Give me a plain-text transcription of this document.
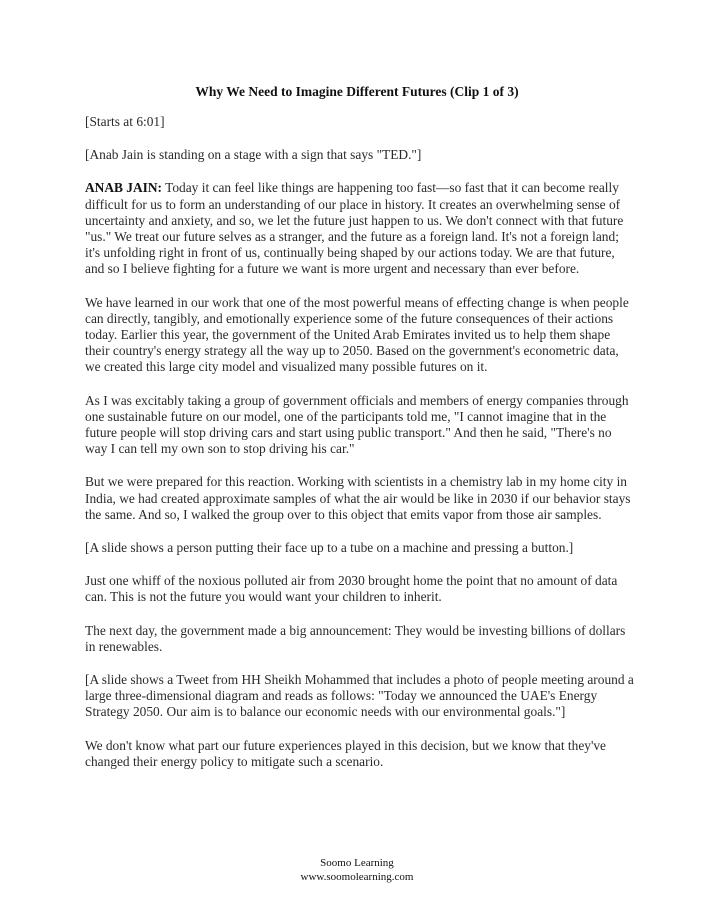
Why We Need to Imagine Different Futures (Clip 1 of 3)

[Starts at 6:01]

[Anab Jain is standing on a stage with a sign that says "TED."]

ANAB JAIN: Today it can feel like things are happening too fast—so fast that it can become really difficult for us to form an understanding of our place in history. It creates an overwhelming sense of uncertainty and anxiety, and so, we let the future just happen to us. We don't connect with that future "us." We treat our future selves as a stranger, and the future as a foreign land. It's not a foreign land; it's unfolding right in front of us, continually being shaped by our actions today. We are that future, and so I believe fighting for a future we want is more urgent and necessary than ever before.

We have learned in our work that one of the most powerful means of effecting change is when people can directly, tangibly, and emotionally experience some of the future consequences of their actions today. Earlier this year, the government of the United Arab Emirates invited us to help them shape their country's energy strategy all the way up to 2050. Based on the government's econometric data, we created this large city model and visualized many possible futures on it.

As I was excitably taking a group of government officials and members of energy companies through one sustainable future on our model, one of the participants told me, "I cannot imagine that in the future people will stop driving cars and start using public transport." And then he said, "There's no way I can tell my own son to stop driving his car."

But we were prepared for this reaction. Working with scientists in a chemistry lab in my home city in India, we had created approximate samples of what the air would be like in 2030 if our behavior stays the same. And so, I walked the group over to this object that emits vapor from those air samples.

[A slide shows a person putting their face up to a tube on a machine and pressing a button.]

Just one whiff of the noxious polluted air from 2030 brought home the point that no amount of data can. This is not the future you would want your children to inherit.

The next day, the government made a big announcement: They would be investing billions of dollars in renewables.

[A slide shows a Tweet from HH Sheikh Mohammed that includes a photo of people meeting around a large three-dimensional diagram and reads as follows: "Today we announced the UAE's Energy Strategy 2050. Our aim is to balance our economic needs with our environmental goals."]

We don't know what part our future experiences played in this decision, but we know that they've changed their energy policy to mitigate such a scenario.

Soomo Learning
www.soomolearning.com
